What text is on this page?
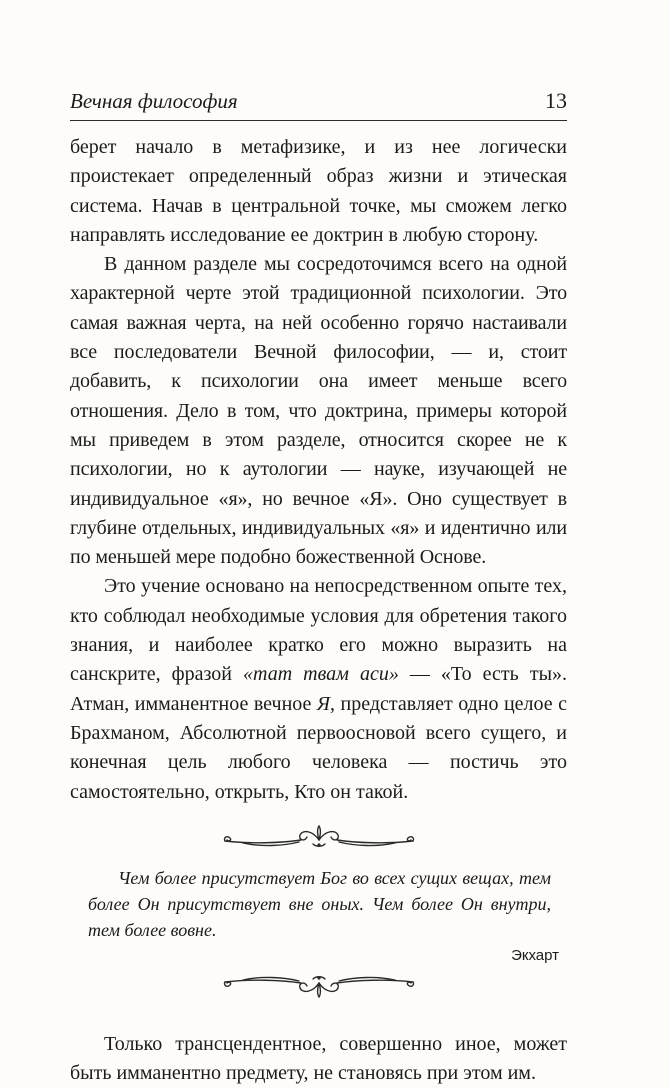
Вечная философия	13

берет начало в метафизике, и из нее логически проистекает определенный образ жизни и этическая система. Начав в центральной точке, мы сможем легко направлять исследование ее доктрин в любую сторону.

В данном разделе мы сосредоточимся всего на одной характерной черте этой традиционной психологии. Это самая важная черта, на ней особенно горячо настаивали все последователи Вечной философии, — и, стоит добавить, к психологии она имеет меньше всего отношения. Дело в том, что доктрина, примеры которой мы приведем в этом разделе, относится скорее не к психологии, но к аутологии — науке, изучающей не индивидуальное «я», но вечное «Я». Оно существует в глубине отдельных, индивидуальных «я» и идентично или по меньшей мере подобно божественной Основе.

Это учение основано на непосредственном опыте тех, кто соблюдал необходимые условия для обретения такого знания, и наиболее кратко его можно выразить на санскрите, фразой «тат твам аси» — «То есть ты». Атман, имманентное вечное Я, представляет одно целое с Брахманом, Абсолютной первоосновой всего сущего, и конечная цель любого человека — постичь это самостоятельно, открыть, Кто он такой.

Чем более присутствует Бог во всех сущих вещах, тем более Он присутствует вне оных. Чем более Он внутри, тем более вовне.
Экхарт

Только трансцендентное, совершенно иное, может быть имманентно предмету, не становясь при этом им.
